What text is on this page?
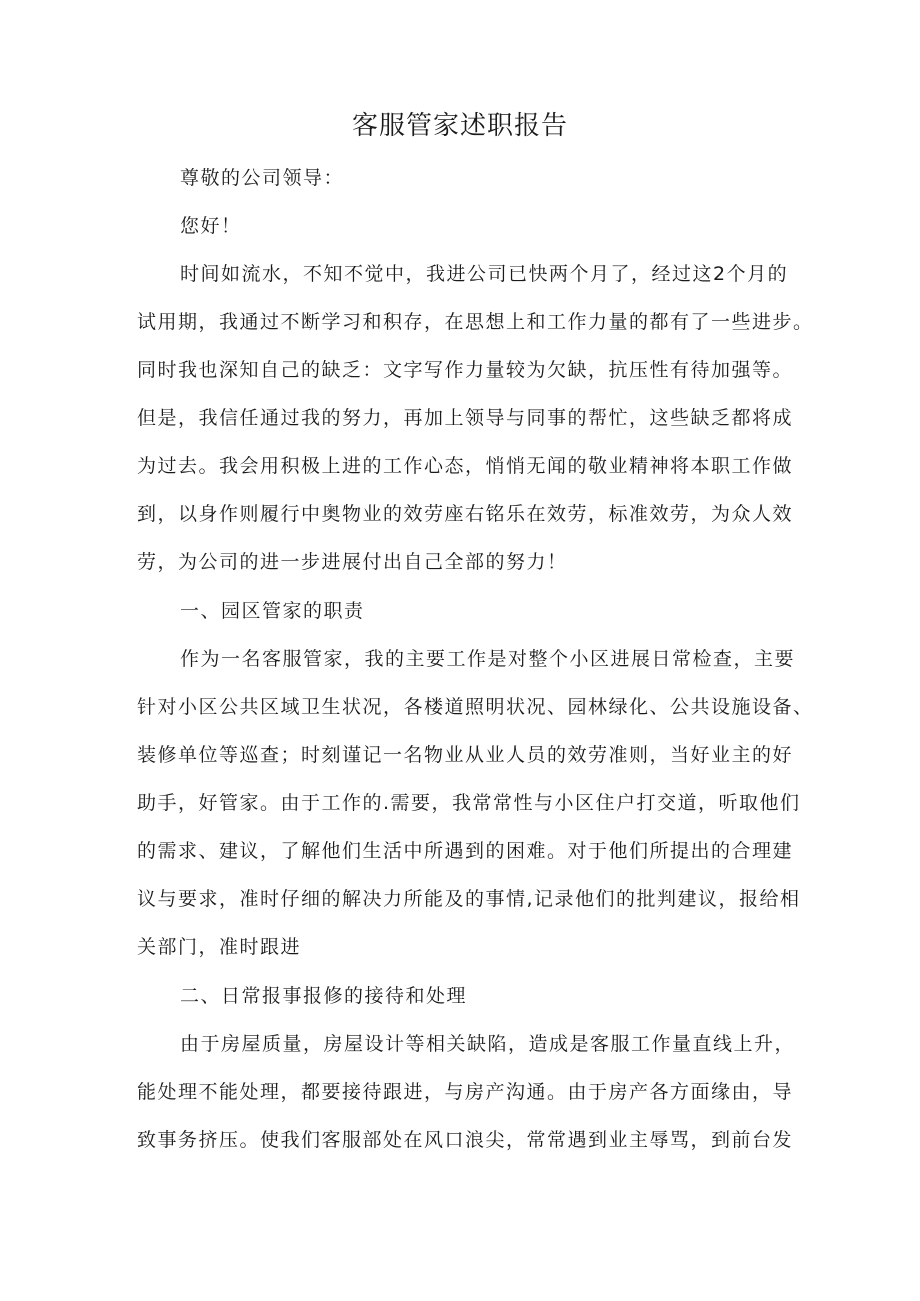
客服管家述职报告
尊敬的公司领导：
您好！
时间如流水，不知不觉中，我进公司已快两个月了，经过这2个月的
试用期，我通过不断学习和积存，在思想上和工作力量的都有了一些进步。
同时我也深知自己的缺乏：文字写作力量较为欠缺，抗压性有待加强等。
但是，我信任通过我的努力，再加上领导与同事的帮忙，这些缺乏都将成
为过去。我会用积极上进的工作心态，悄悄无闻的敬业精神将本职工作做
到，以身作则履行中奥物业的效劳座右铭乐在效劳，标准效劳，为众人效
劳，为公司的进一步进展付出自己全部的努力！
一、园区管家的职责
作为一名客服管家，我的主要工作是对整个小区进展日常检查，主要
针对小区公共区域卫生状况，各楼道照明状况、园林绿化、公共设施设备、
装修单位等巡查；时刻谨记一名物业从业人员的效劳准则，当好业主的好
助手，好管家。由于工作的.需要，我常常性与小区住户打交道，听取他们
的需求、建议，了解他们生活中所遇到的困难。对于他们所提出的合理建
议与要求，准时仔细的解决力所能及的事情,记录他们的批判建议，报给相
关部门，准时跟进
二、日常报事报修的接待和处理
由于房屋质量，房屋设计等相关缺陷，造成是客服工作量直线上升，
能处理不能处理，都要接待跟进，与房产沟通。由于房产各方面缘由，导
致事务挤压。使我们客服部处在风口浪尖，常常遇到业主辱骂，到前台发
